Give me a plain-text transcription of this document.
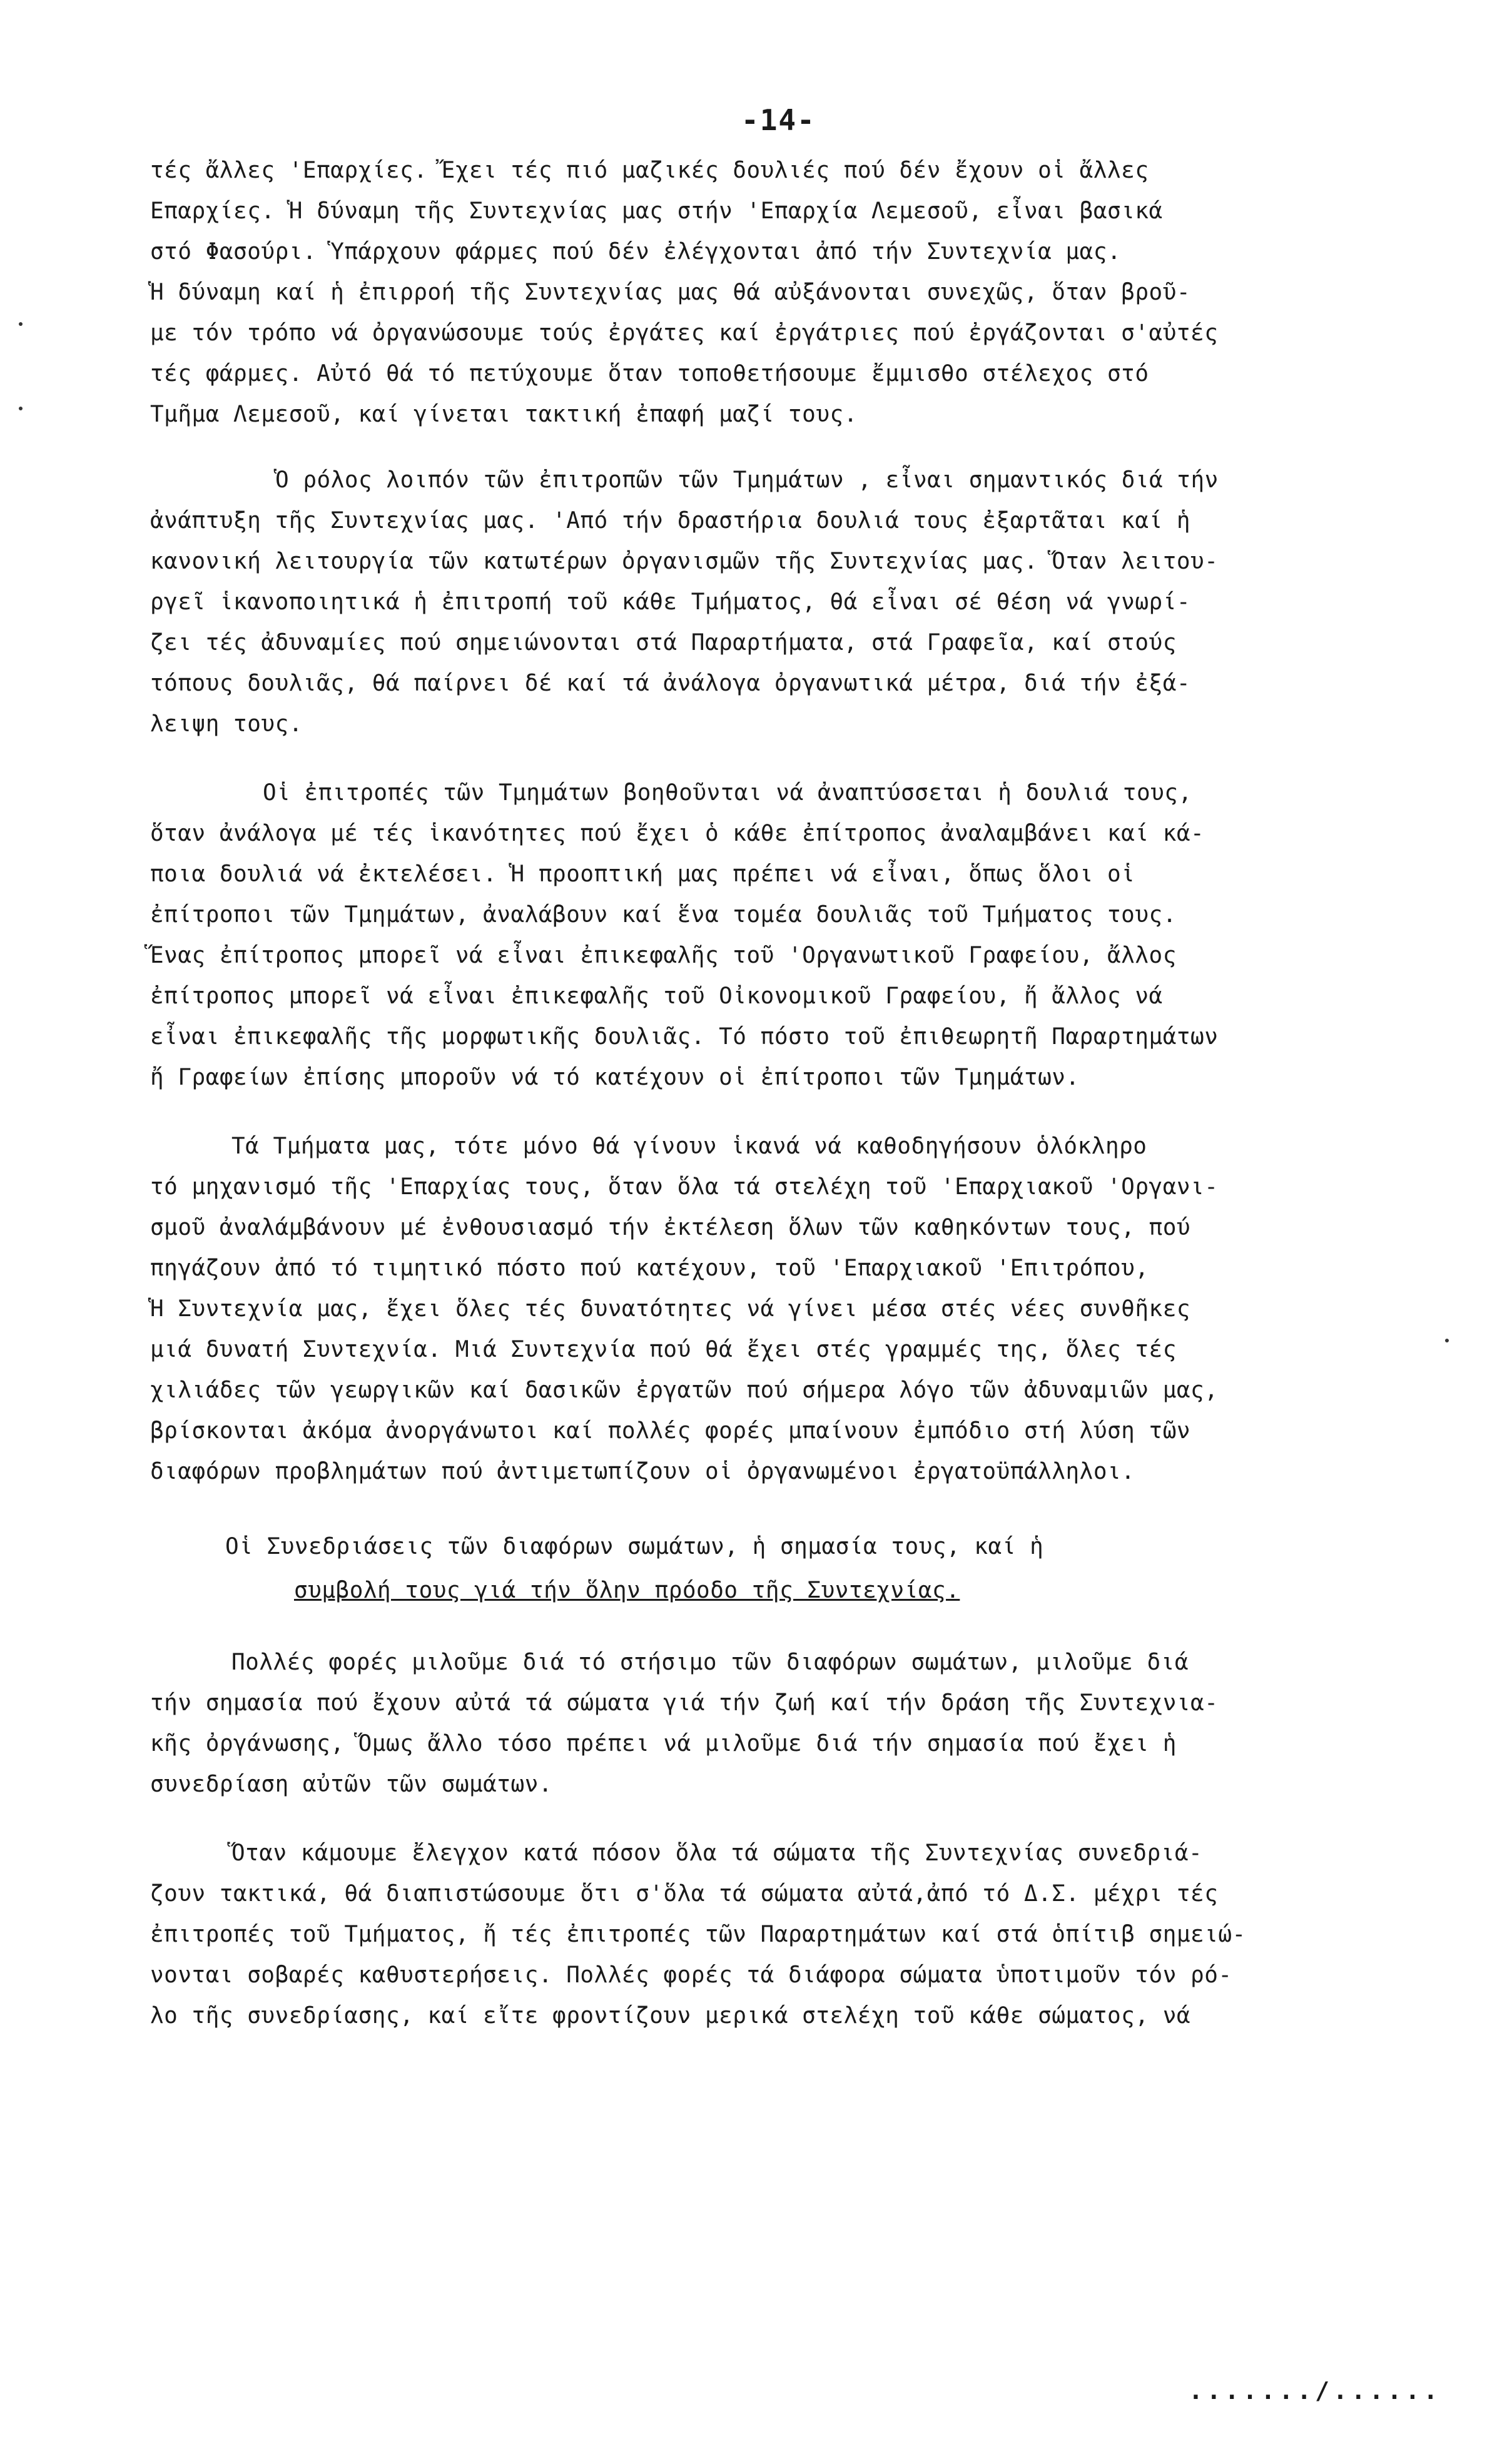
-14-
τές ἄλλες 'Επαρχίες. Ἔχει τές πιό μαζικές δουλιές πού δέν ἔχουν οἱ ἄλλες
Επαρχίες. Ἡ δύναμη τῆς Συντεχνίας μας στήν 'Επαρχία Λεμεσοῦ, εἶναι βασικά
στό Φασούρι. Ὑπάρχουν φάρμες πού δέν ἐλέγχονται ἀπό τήν Συντεχνία μας.
Ἡ δύναμη καί ἡ ἐπιρροή τῆς Συντεχνίας μας θά αὐξάνονται συνεχῶς, ὅταν βροῦ-
με τόν τρόπο νά ὀργανώσουμε τούς ἐργάτες καί ἐργάτριες πού ἐργάζονται σ'αὐτές
τές φάρμες. Αὐτό θά τό πετύχουμε ὅταν τοποθετήσουμε ἔμμισθο στέλεχος στό
Τμῆμα Λεμεσοῦ, καί γίνεται τακτική ἐπαφή μαζί τους.
Ὁ ρόλος λοιπόν τῶν ἐπιτροπῶν τῶν Τμημάτων , εἶναι σημαντικός διά τήν
ἀνάπτυξη τῆς Συντεχνίας μας. 'Από τήν δραστήρια δουλιά τους ἐξαρτᾶται καί ἡ
κανονική λειτουργία τῶν κατωτέρων ὀργανισμῶν τῆς Συντεχνίας μας. Ὅταν λειτου-
ργεῖ ἱκανοποιητικά ἡ ἐπιτροπή τοῦ κάθε Τμήματος, θά εἶναι σέ θέση νά γνωρί-
ζει τές ἀδυναμίες πού σημειώνονται στά Παραρτήματα, στά Γραφεῖα, καί στούς
τόπους δουλιᾶς, θά παίρνει δέ καί τά ἀνάλογα ὀργανωτικά μέτρα, διά τήν ἐξά-
λειψη τους.
Οἱ ἐπιτροπές τῶν Τμημάτων βοηθοῦνται νά ἀναπτύσσεται ἡ δουλιά τους,
ὅταν ἀνάλογα μέ τές ἱκανότητες πού ἔχει ὁ κάθε ἐπίτροπος ἀναλαμβάνει καί κά-
ποια δουλιά νά ἐκτελέσει. Ἡ προοπτική μας πρέπει νά εἶναι, ὅπως ὅλοι οἱ
ἐπίτροποι τῶν Τμημάτων, ἀναλάβουν καί ἕνα τομέα δουλιᾶς τοῦ Τμήματος τους.
Ἕνας ἐπίτροπος μπορεῖ νά εἶναι ἐπικεφαλῆς τοῦ 'Οργανωτικοῦ Γραφείου, ἄλλος
ἐπίτροπος μπορεῖ νά εἶναι ἐπικεφαλῆς τοῦ Οἰκονομικοῦ Γραφείου, ἤ ἄλλος νά
εἶναι ἐπικεφαλῆς τῆς μορφωτικῆς δουλιᾶς. Τό πόστο τοῦ ἐπιθεωρητῆ Παραρτημάτων
ἤ Γραφείων ἐπίσης μποροῦν νά τό κατέχουν οἱ ἐπίτροποι τῶν Τμημάτων.
Τά Τμήματα μας, τότε μόνο θά γίνουν ἱκανά νά καθοδηγήσουν ὁλόκληρο
τό μηχανισμό τῆς 'Επαρχίας τους, ὅταν ὅλα τά στελέχη τοῦ 'Επαρχιακοῦ 'Οργανι-
σμοῦ ἀναλάμβάνουν μέ ἐνθουσιασμό τήν ἐκτέλεση ὅλων τῶν καθηκόντων τους, πού
πηγάζουν ἀπό τό τιμητικό πόστο πού κατέχουν, τοῦ 'Επαρχιακοῦ 'Επιτρόπου,
Ἡ Συντεχνία μας, ἔχει ὅλες τές δυνατότητες νά γίνει μέσα στές νέες συνθῆκες
μιά δυνατή Συντεχνία. Μιά Συντεχνία πού θά ἔχει στές γραμμές της, ὅλες τές
χιλιάδες τῶν γεωργικῶν καί δασικῶν ἐργατῶν πού σήμερα λόγο τῶν ἀδυναμιῶν μας,
βρίσκονται ἀκόμα ἀνοργάνωτοι καί πολλές φορές μπαίνουν ἐμπόδιο στή λύση τῶν
διαφόρων προβλημάτων πού ἀντιμετωπίζουν οἱ ὀργανωμένοι ἐργατοϋπάλληλοι.
Οἱ Συνεδριάσεις τῶν διαφόρων σωμάτων, ἡ σημασία τους, καί ἡ
συμβολή τους γιά τήν ὅλην πρόοδο τῆς Συντεχνίας.
Πολλές φορές μιλοῦμε διά τό στήσιμο τῶν διαφόρων σωμάτων, μιλοῦμε διά
τήν σημασία πού ἔχουν αὐτά τά σώματα γιά τήν ζωή καί τήν δράση τῆς Συντεχνια-
κῆς ὀργάνωσης, Ὅμως ἄλλο τόσο πρέπει νά μιλοῦμε διά τήν σημασία πού ἔχει ἡ
συνεδρίαση αὐτῶν τῶν σωμάτων.
Ὅταν κάμουμε ἔλεγχον κατά πόσον ὅλα τά σώματα τῆς Συντεχνίας συνεδριά-
ζουν τακτικά, θά διαπιστώσουμε ὅτι σ'ὅλα τά σώματα αὐτά,ἀπό τό Δ.Σ. μέχρι τές
ἐπιτροπές τοῦ Τμήματος, ἤ τές ἐπιτροπές τῶν Παραρτημάτων καί στά ὁπίτιβ σημειώ-
νονται σοβαρές καθυστερήσεις. Πολλές φορές τά διάφορα σώματα ὑποτιμοῦν τόν ρό-
λο τῆς συνεδρίασης, καί εἴτε φροντίζουν μερικά στελέχη τοῦ κάθε σώματος, νά
......./......
